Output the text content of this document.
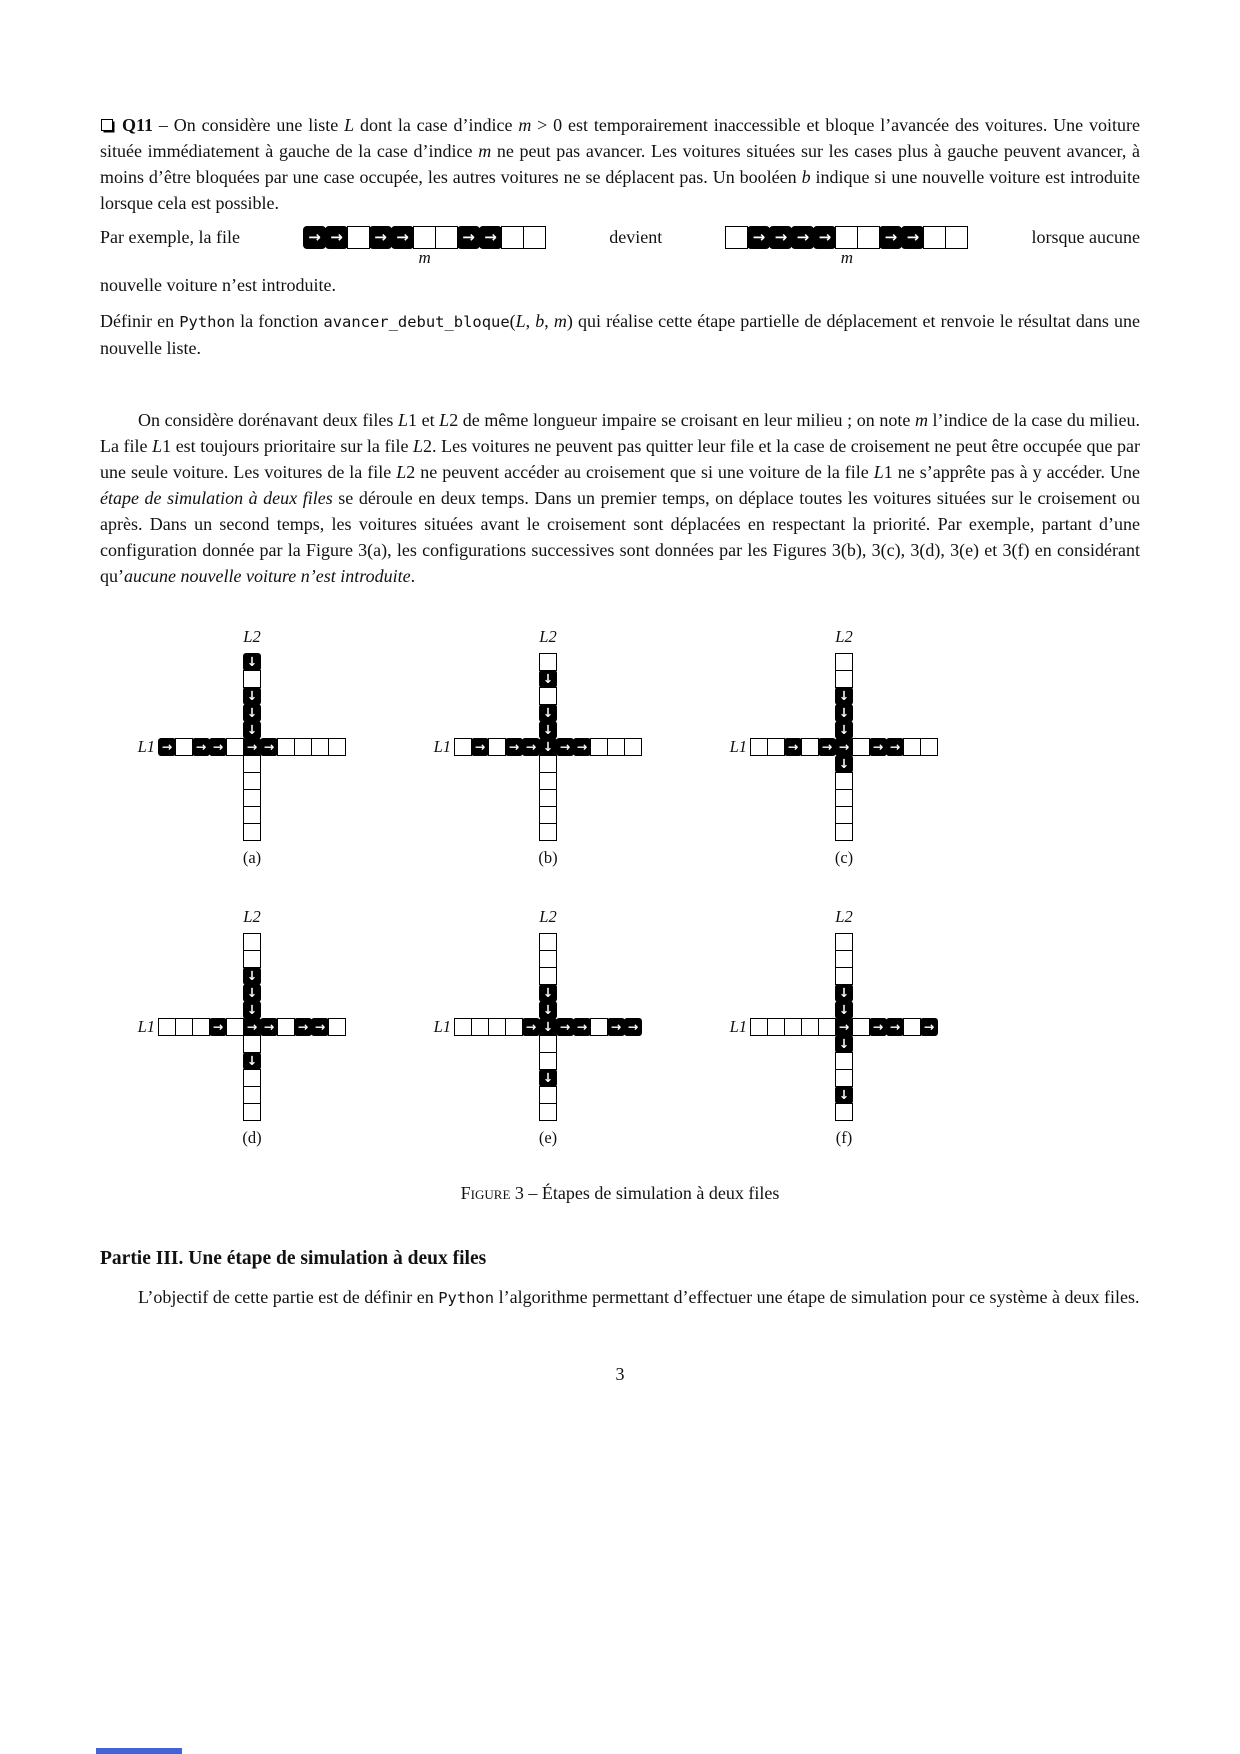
Q11 – On considère une liste L dont la case d’indice m > 0 est temporairement inaccessible et bloque l’avancée des voitures. Une voiture située immédiatement à gauche de la case d’indice m ne peut pas avancer. Les voitures situées sur les cases plus à gauche peuvent avancer, à moins d’être bloquées par une case occupée, les autres voitures ne se déplacent pas. Un booléen b indique si une nouvelle voiture est introduite lorsque cela est possible.

Par exemple, la file	→ → → →	→ →
m
devient	→ → → →	→ →
m
lorsque aucune

nouvelle voiture n’est introduite.

Définir en Python la fonction avancer_debut_bloque(L, b, m) qui réalise cette étape partielle de déplacement et renvoie le résultat dans une nouvelle liste.

On considère dorénavant deux files L1 et L2 de même longueur impaire se croisant en leur milieu ; on note m l’indice de la case du milieu. La file L1 est toujours prioritaire sur la file L2. Les voitures ne peuvent pas quitter leur file et la case de croisement ne peut être occupée que par une seule voiture. Les voitures de la file L2 ne peuvent accéder au croisement que si une voiture de la file L1 ne s’apprête pas à y accéder. Une étape de simulation à deux files se déroule en deux temps. Dans un premier temps, on déplace toutes les voitures situées sur le croisement ou après. Dans un second temps, les voitures situées avant le croisement sont déplacées en respectant la priorité. Par exemple, partant d’une configuration donnée par la Figure 3(a), les configurations successives sont données par les Figures 3(b), 3(c), 3(d), 3(e) et 3(f) en considérant qu’aucune nouvelle voiture n’est introduite.

L2
L1
(a)
↓
↓
↓
↓
→	→ →	→ →
L2
L1
(b)
↓
↓
↓
→	→ → ↓ → →
L2
L1
(c)
↓
↓
↓
↓
→	→ →	→ →
L2
L1
(d)
↓
↓
↓
↓
→	→ →	→ →
L2
L1
(e)
↓
↓
↓
→ ↓ → →	→ →
L2
L1
(f)
↓
↓
↓
↓
→	→ →	→
Figure 3 – Étapes de simulation à deux files
Partie III. Une étape de simulation à deux files

L’objectif de cette partie est de définir en Python l’algorithme permettant d’effectuer une étape de simulation pour ce système à deux files.

3
